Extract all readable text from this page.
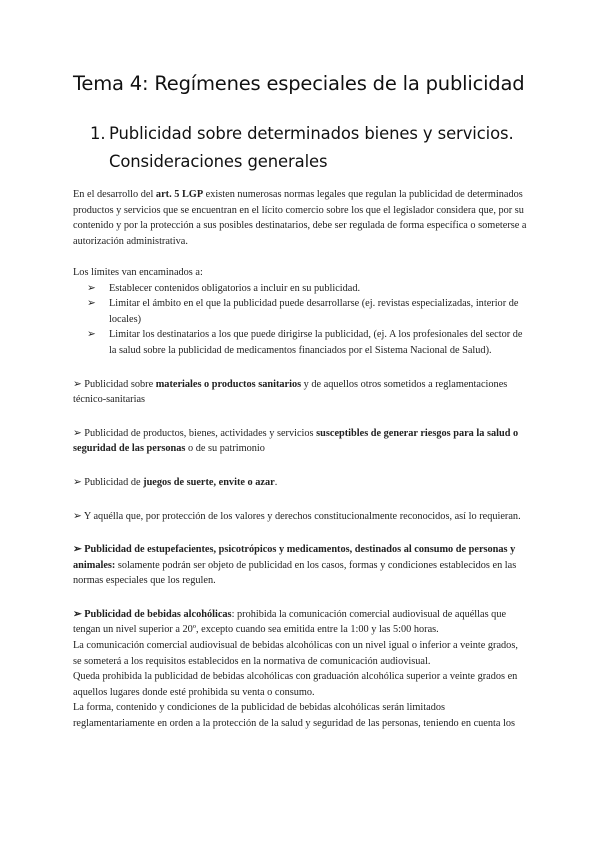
Tema 4: Regímenes especiales de la publicidad
1. Publicidad sobre determinados bienes y servicios. Consideraciones generales

En el desarrollo del art. 5 LGP existen numerosas normas legales que regulan la publicidad de determinados productos y servicios que se encuentran en el lícito comercio sobre los que el legislador considera que, por su contenido y por la protección a sus posibles destinatarios, debe ser regulada de forma específica o someterse a autorización administrativa.

Los límites van encaminados a:

➢ Establecer contenidos obligatorios a incluir en su publicidad.
➢ Limitar el ámbito en el que la publicidad puede desarrollarse (ej. revistas especializadas, interior de locales)
➢ Limitar los destinatarios a los que puede dirigirse la publicidad, (ej. A los profesionales del sector de la salud sobre la publicidad de medicamentos financiados por el Sistema Nacional de Salud).

➢ Publicidad sobre materiales o productos sanitarios y de aquellos otros sometidos a reglamentaciones técnico-sanitarias

➢ Publicidad de productos, bienes, actividades y servicios susceptibles de generar riesgos para la salud o seguridad de las personas o de su patrimonio

➢ Publicidad de juegos de suerte, envite o azar.

➢ Y aquélla que, por protección de los valores y derechos constitucionalmente reconocidos, así lo requieran.

➢ Publicidad de estupefacientes, psicotrópicos y medicamentos, destinados al consumo de personas y animales: solamente podrán ser objeto de publicidad en los casos, formas y condiciones establecidos en las normas especiales que los regulen.

➢ Publicidad de bebidas alcohólicas: prohibida la comunicación comercial audiovisual de aquéllas que tengan un nivel superior a 20º, excepto cuando sea emitida entre la 1:00 y las 5:00 horas.

La comunicación comercial audiovisual de bebidas alcohólicas con un nivel igual o inferior a veinte grados, se someterá a los requisitos establecidos en la normativa de comunicación audiovisual.

Queda prohibida la publicidad de bebidas alcohólicas con graduación alcohólica superior a veinte grados en aquellos lugares donde esté prohibida su venta o consumo.

La forma, contenido y condiciones de la publicidad de bebidas alcohólicas serán limitados reglamentariamente en orden a la protección de la salud y seguridad de las personas, teniendo en cuenta los
